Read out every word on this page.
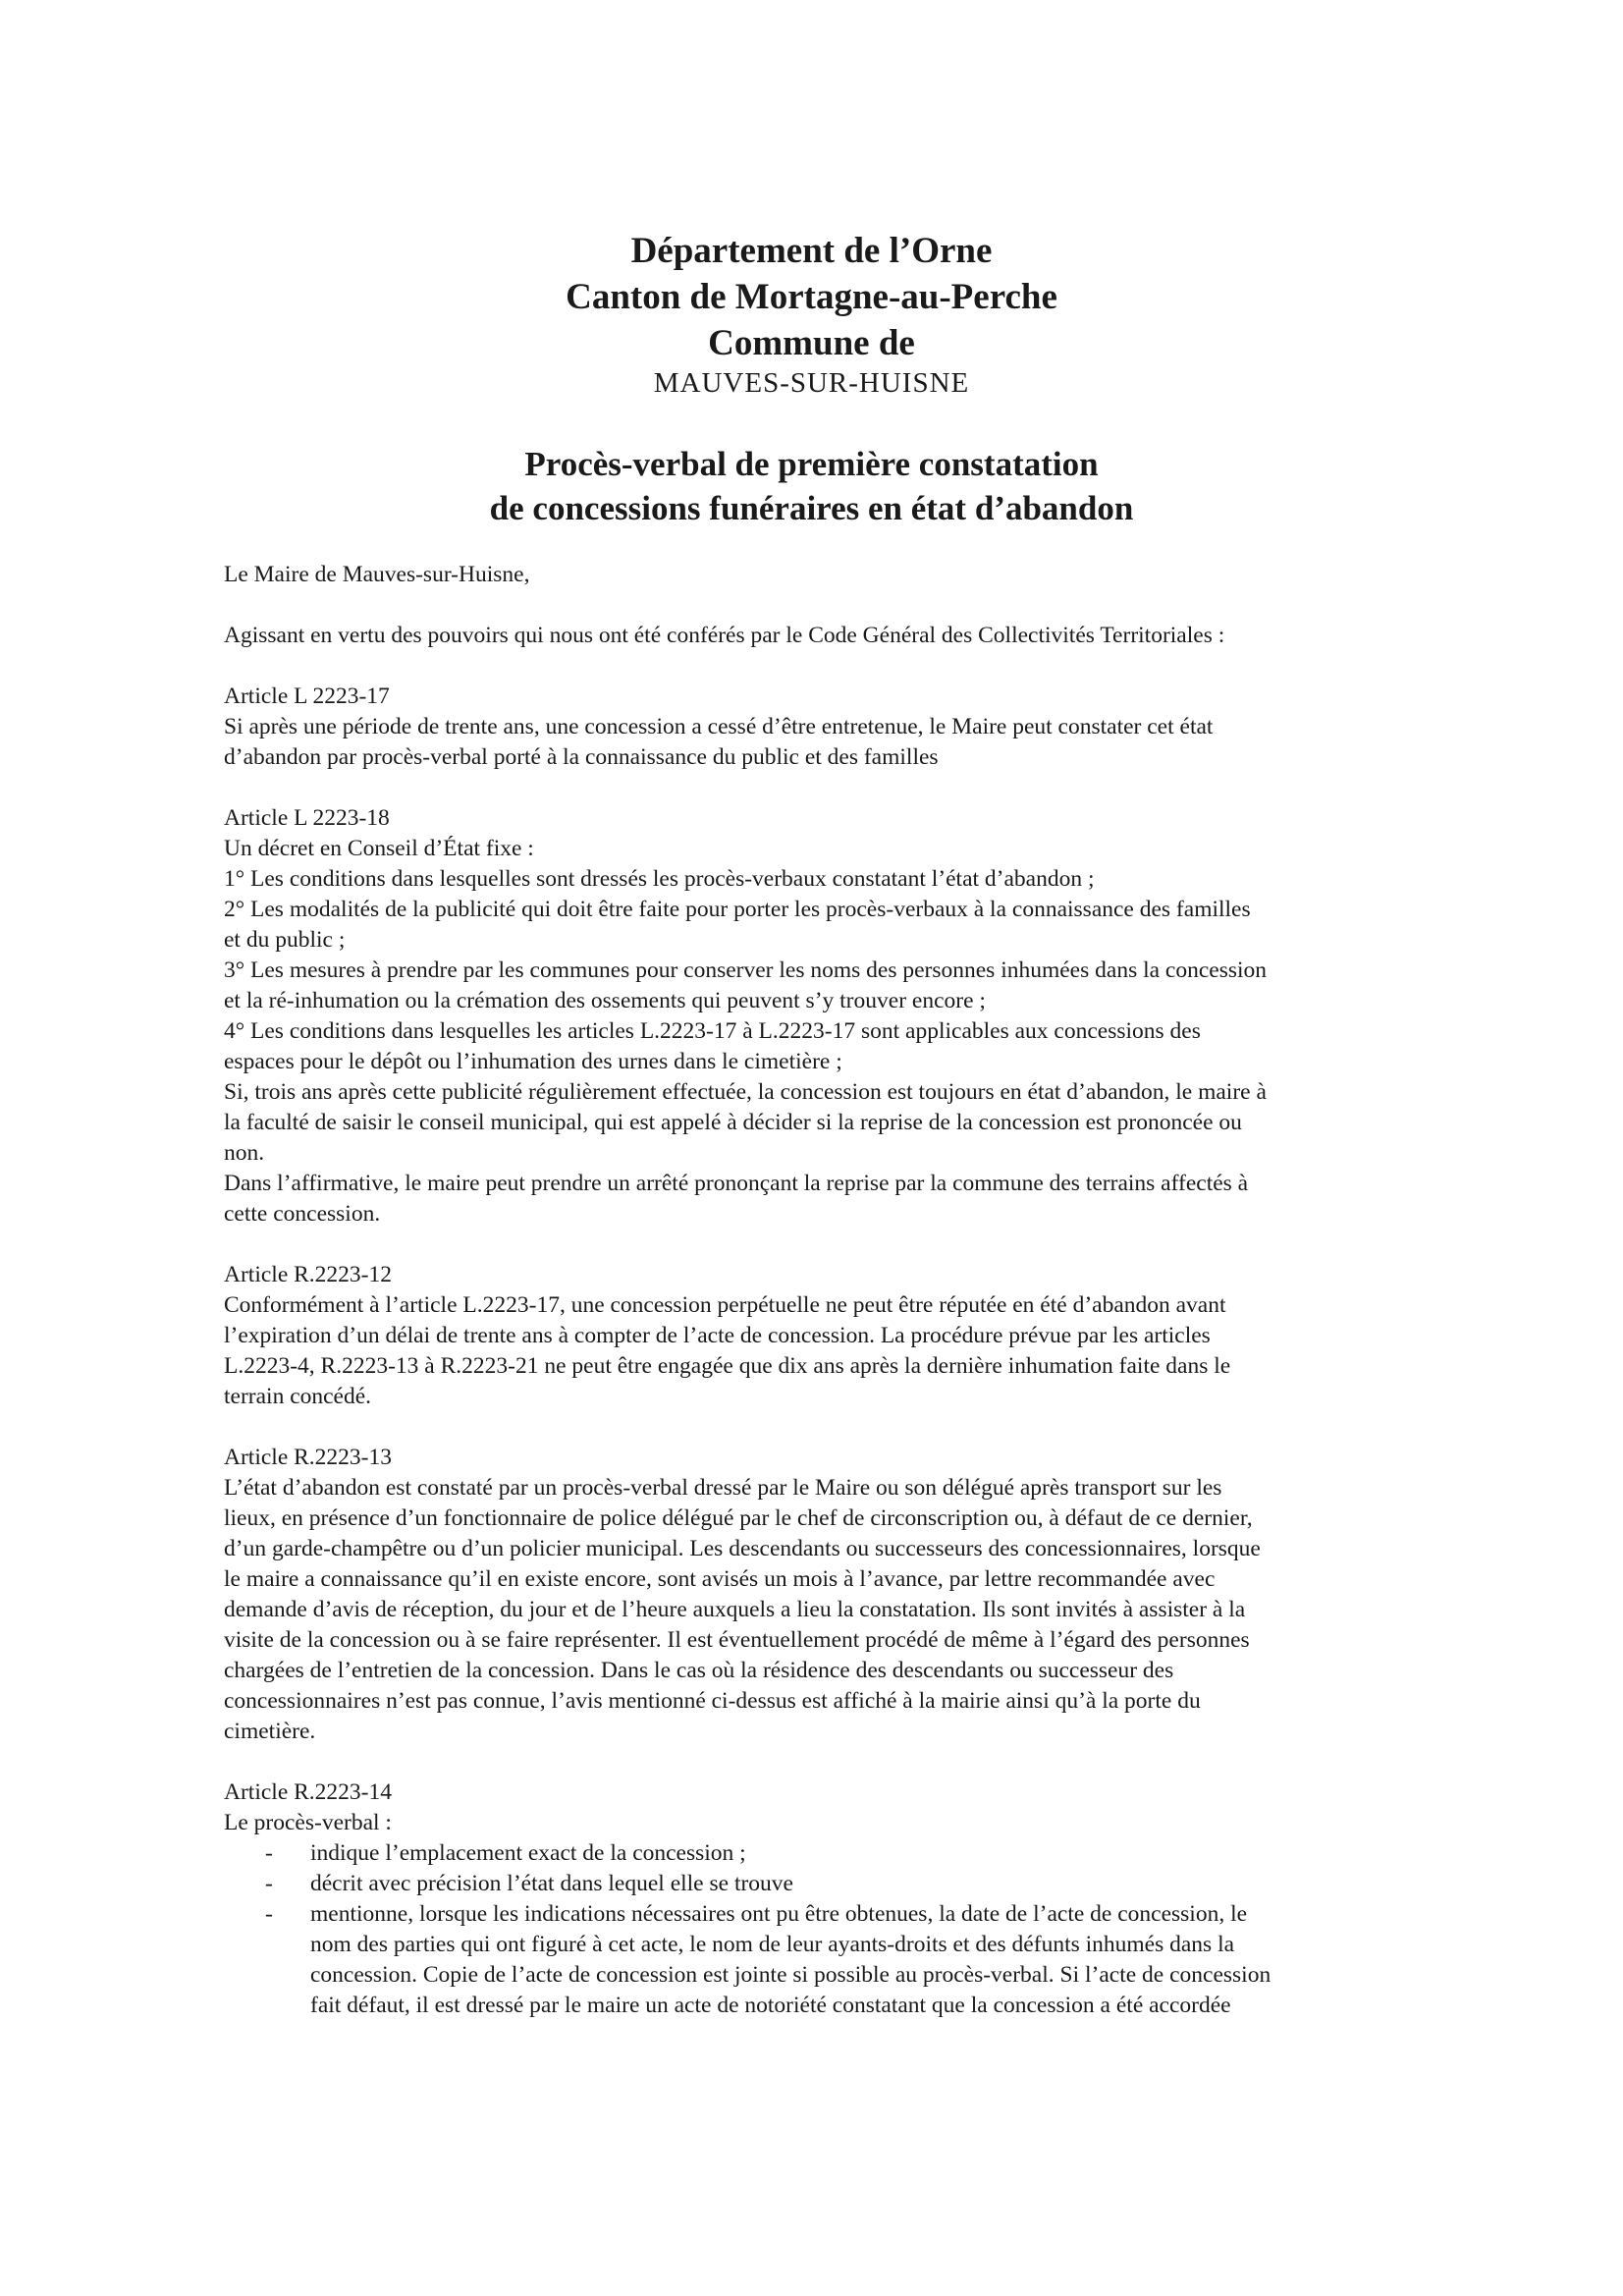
Département de l’Orne

Canton de Mortagne-au-Perche

Commune de

MAUVES-SUR-HUISNE

Procès-verbal de première constatation

de concessions funéraires en état d’abandon

Le Maire de Mauves-sur-Huisne,

Agissant en vertu des pouvoirs qui nous ont été conférés par le Code Général des Collectivités Territoriales :

Article L 2223-17

Si après une période de trente ans, une concession a cessé d’être entretenue, le Maire peut constater cet état

d’abandon par procès-verbal porté à la connaissance du public et des familles

Article L 2223-18

Un décret en Conseil d’État fixe :

1° Les conditions dans lesquelles sont dressés les procès-verbaux constatant l’état d’abandon ;

2° Les modalités de la publicité qui doit être faite pour porter les procès-verbaux à la connaissance des familles

et du public ;

3° Les mesures à prendre par les communes pour conserver les noms des personnes inhumées dans la concession

et la ré-inhumation ou la crémation des ossements qui peuvent s’y trouver encore ;

4° Les conditions dans lesquelles les articles L.2223-17 à L.2223-17 sont applicables aux concessions des

espaces pour le dépôt ou l’inhumation des urnes dans le cimetière ;

Si, trois ans après cette publicité régulièrement effectuée, la concession est toujours en état d’abandon, le maire à

la faculté de saisir le conseil municipal, qui est appelé à décider si la reprise de la concession est prononcée ou

non.

Dans l’affirmative, le maire peut prendre un arrêté prononçant la reprise par la commune des terrains affectés à

cette concession.

Article R.2223-12

Conformément à l’article L.2223-17, une concession perpétuelle ne peut être réputée en été d’abandon avant

l’expiration d’un délai de trente ans à compter de l’acte de concession. La procédure prévue par les articles

L.2223-4, R.2223-13 à R.2223-21 ne peut être engagée que dix ans après la dernière inhumation faite dans le

terrain concédé.

Article R.2223-13

L’état d’abandon est constaté par un procès-verbal dressé par le Maire ou son délégué après transport sur les

lieux, en présence d’un fonctionnaire de police délégué par le chef de circonscription ou, à défaut de ce dernier,

d’un garde-champêtre ou d’un policier municipal. Les descendants ou successeurs des concessionnaires, lorsque

le maire a connaissance qu’il en existe encore, sont avisés un mois à l’avance, par lettre recommandée avec

demande d’avis de réception, du jour et de l’heure auxquels a lieu la constatation. Ils sont invités à assister à la

visite de la concession ou à se faire représenter. Il est éventuellement procédé de même à l’égard des personnes

chargées de l’entretien de la concession. Dans le cas où la résidence des descendants ou successeur des

concessionnaires n’est pas connue, l’avis mentionné ci-dessus est affiché à la mairie ainsi qu’à la porte du

cimetière.

Article R.2223-14

Le procès-verbal :

- indique l’emplacement exact de la concession ;
- décrit avec précision l’état dans lequel elle se trouve
- mentionne, lorsque les indications nécessaires ont pu être obtenues, la date de l’acte de concession, le
nom des parties qui ont figuré à cet acte, le nom de leur ayants-droits et des défunts inhumés dans la
concession. Copie de l’acte de concession est jointe si possible au procès-verbal. Si l’acte de concession
fait défaut, il est dressé par le maire un acte de notoriété constatant que la concession a été accordée
